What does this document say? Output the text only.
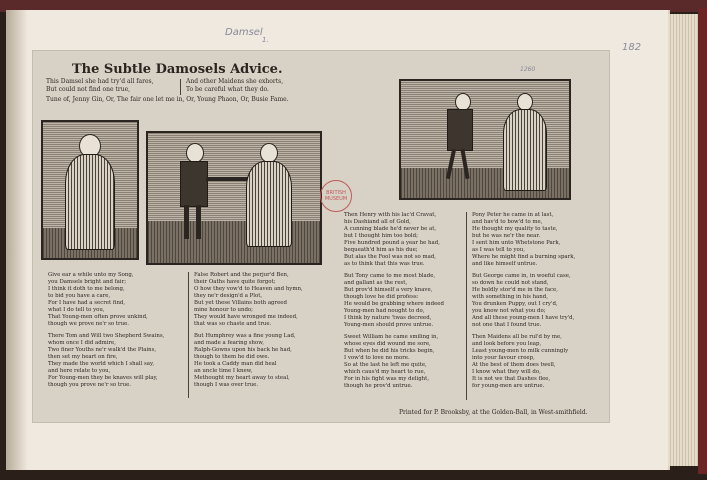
Damsel
1.
182
1260
The Subtle Damosels Advice.
This Damsel she had try'd all fares,
But could not find one true,
And other Maidens she exhorts,
To be careful what they do.
Tune of, Jenny Gin, Or, The fair one let me in, Or, Young Phaon, Or, Busie Fame.
BRITISH MUSEUM
Give ear a while unto my Song,
you Damsels bright and fair;
I think it doth to me belong,
to bid you have a care,
For I have had a secret find,
what I do tell to you,
That Young-men often prove unkind,
though we prove ne'r so true.
There Tom and Will two Shepherd Swains,
whom once I did admire,
Two finer Youths ne'r walk'd the Plains,
then set my heart on fire,
They made the world which I shall say,
and here relate to you,
For Young-men they be knaves will play,
though you prove ne'r so true.
False Robert and the perjur'd Ben,
their Oaths have quite forgot;
O how they vow'd to Heaven and hymn,
they ne'r design'd a Plot,
But yet these Villains both agreed
mine honour to undo;
They would have wronged me indeed,
that was so chaste and true.
But Humphrey was a fine young Lad,
and made a fearing show,
Ralph-Gowns upon his back he had,
though to them he did owe.
He took a Caddy man did heal
an uncle time I knew,
Methought my heart away to steal,
though I was over true.
Then Henry with his lac'd Cravat,
his Dashiand all of Gold,
A cunning blade he'd never be at,
but I thought him too bold;
Five hundred pound a year he had,
bequeath'd him as his due;
But alas the Fool was not so mad,
as to think that this was true.
But Tony came to me most blade,
and gallant as the rest,
But prov'd himself a very knave,
though love he did profess:
He would be grabbing where indeed
Young-men had nought to do,
I think by nature 'twas decreed,
Young-men should prove untrue.
Sweet William he came smiling in,
whose eyes did wound me sore,
But when he did his tricks begin,
I vow'd to love no more.
So at the last he left me quite,
which caus'd my heart to rue,
For in his fight was my delight,
though he prov'd untrue.
Pony Peter he came in at last,
and hav'd to bow'd to me,
He thought my quality to taste,
but he was ne'r the near.
I sent him unto Whetstone Park,
as I was tell to you,
Where he might find a burning spark,
and like himself untrue.
But George came in, in woeful case,
so down he could not stand,
He boldly stor'd me in the face,
with something in his hand,
You drunken Puppy, out I cry'd,
you know not what you do;
And all these young-men I have try'd,
not one that I found true.
Then Maidens all be rul'd by me,
and look before you leap,
Least young-men to milk cunningly
into your favour creep,
At the best of them does twell,
I know what they will do,
It is not we that Dashes flee,
for young-men are untrue.
Printed for P. Brooksby, at the Golden-Ball, in West-smithfield.
